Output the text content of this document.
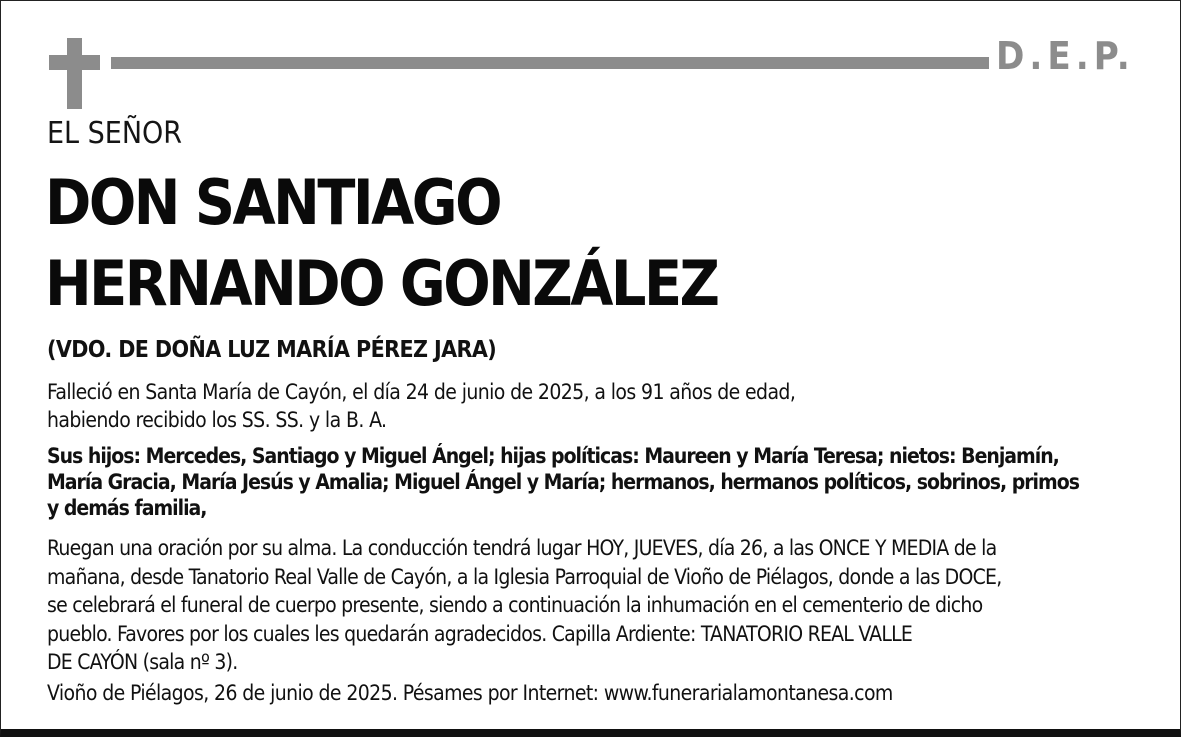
D.E.P.

EL SEÑOR

DON SANTIAGO
HERNANDO GONZÁLEZ

(VDO. DE DOÑA LUZ MARÍA PÉREZ JARA)

Falleció en Santa María de Cayón, el día 24 de junio de 2025, a los 91 años de edad,
habiendo recibido los SS. SS. y la B. A.

Sus hijos: Mercedes, Santiago y Miguel Ángel; hijas políticas: Maureen y María Teresa; nietos: Benjamín,
María Gracia, María Jesús y Amalia; Miguel Ángel y María; hermanos, hermanos políticos, sobrinos, primos
y demás familia,

Ruegan una oración por su alma. La conducción tendrá lugar HOY, JUEVES, día 26, a las ONCE Y MEDIA de la
mañana, desde Tanatorio Real Valle de Cayón, a la Iglesia Parroquial de Vioño de Piélagos, donde a las DOCE,
se celebrará el funeral de cuerpo presente, siendo a continuación la inhumación en el cementerio de dicho
pueblo. Favores por los cuales les quedarán agradecidos. Capilla Ardiente: TANATORIO REAL VALLE
DE CAYÓN (sala nº 3).

Vioño de Piélagos, 26 de junio de 2025. Pésames por Internet: www.funerarialamontanesa.com
